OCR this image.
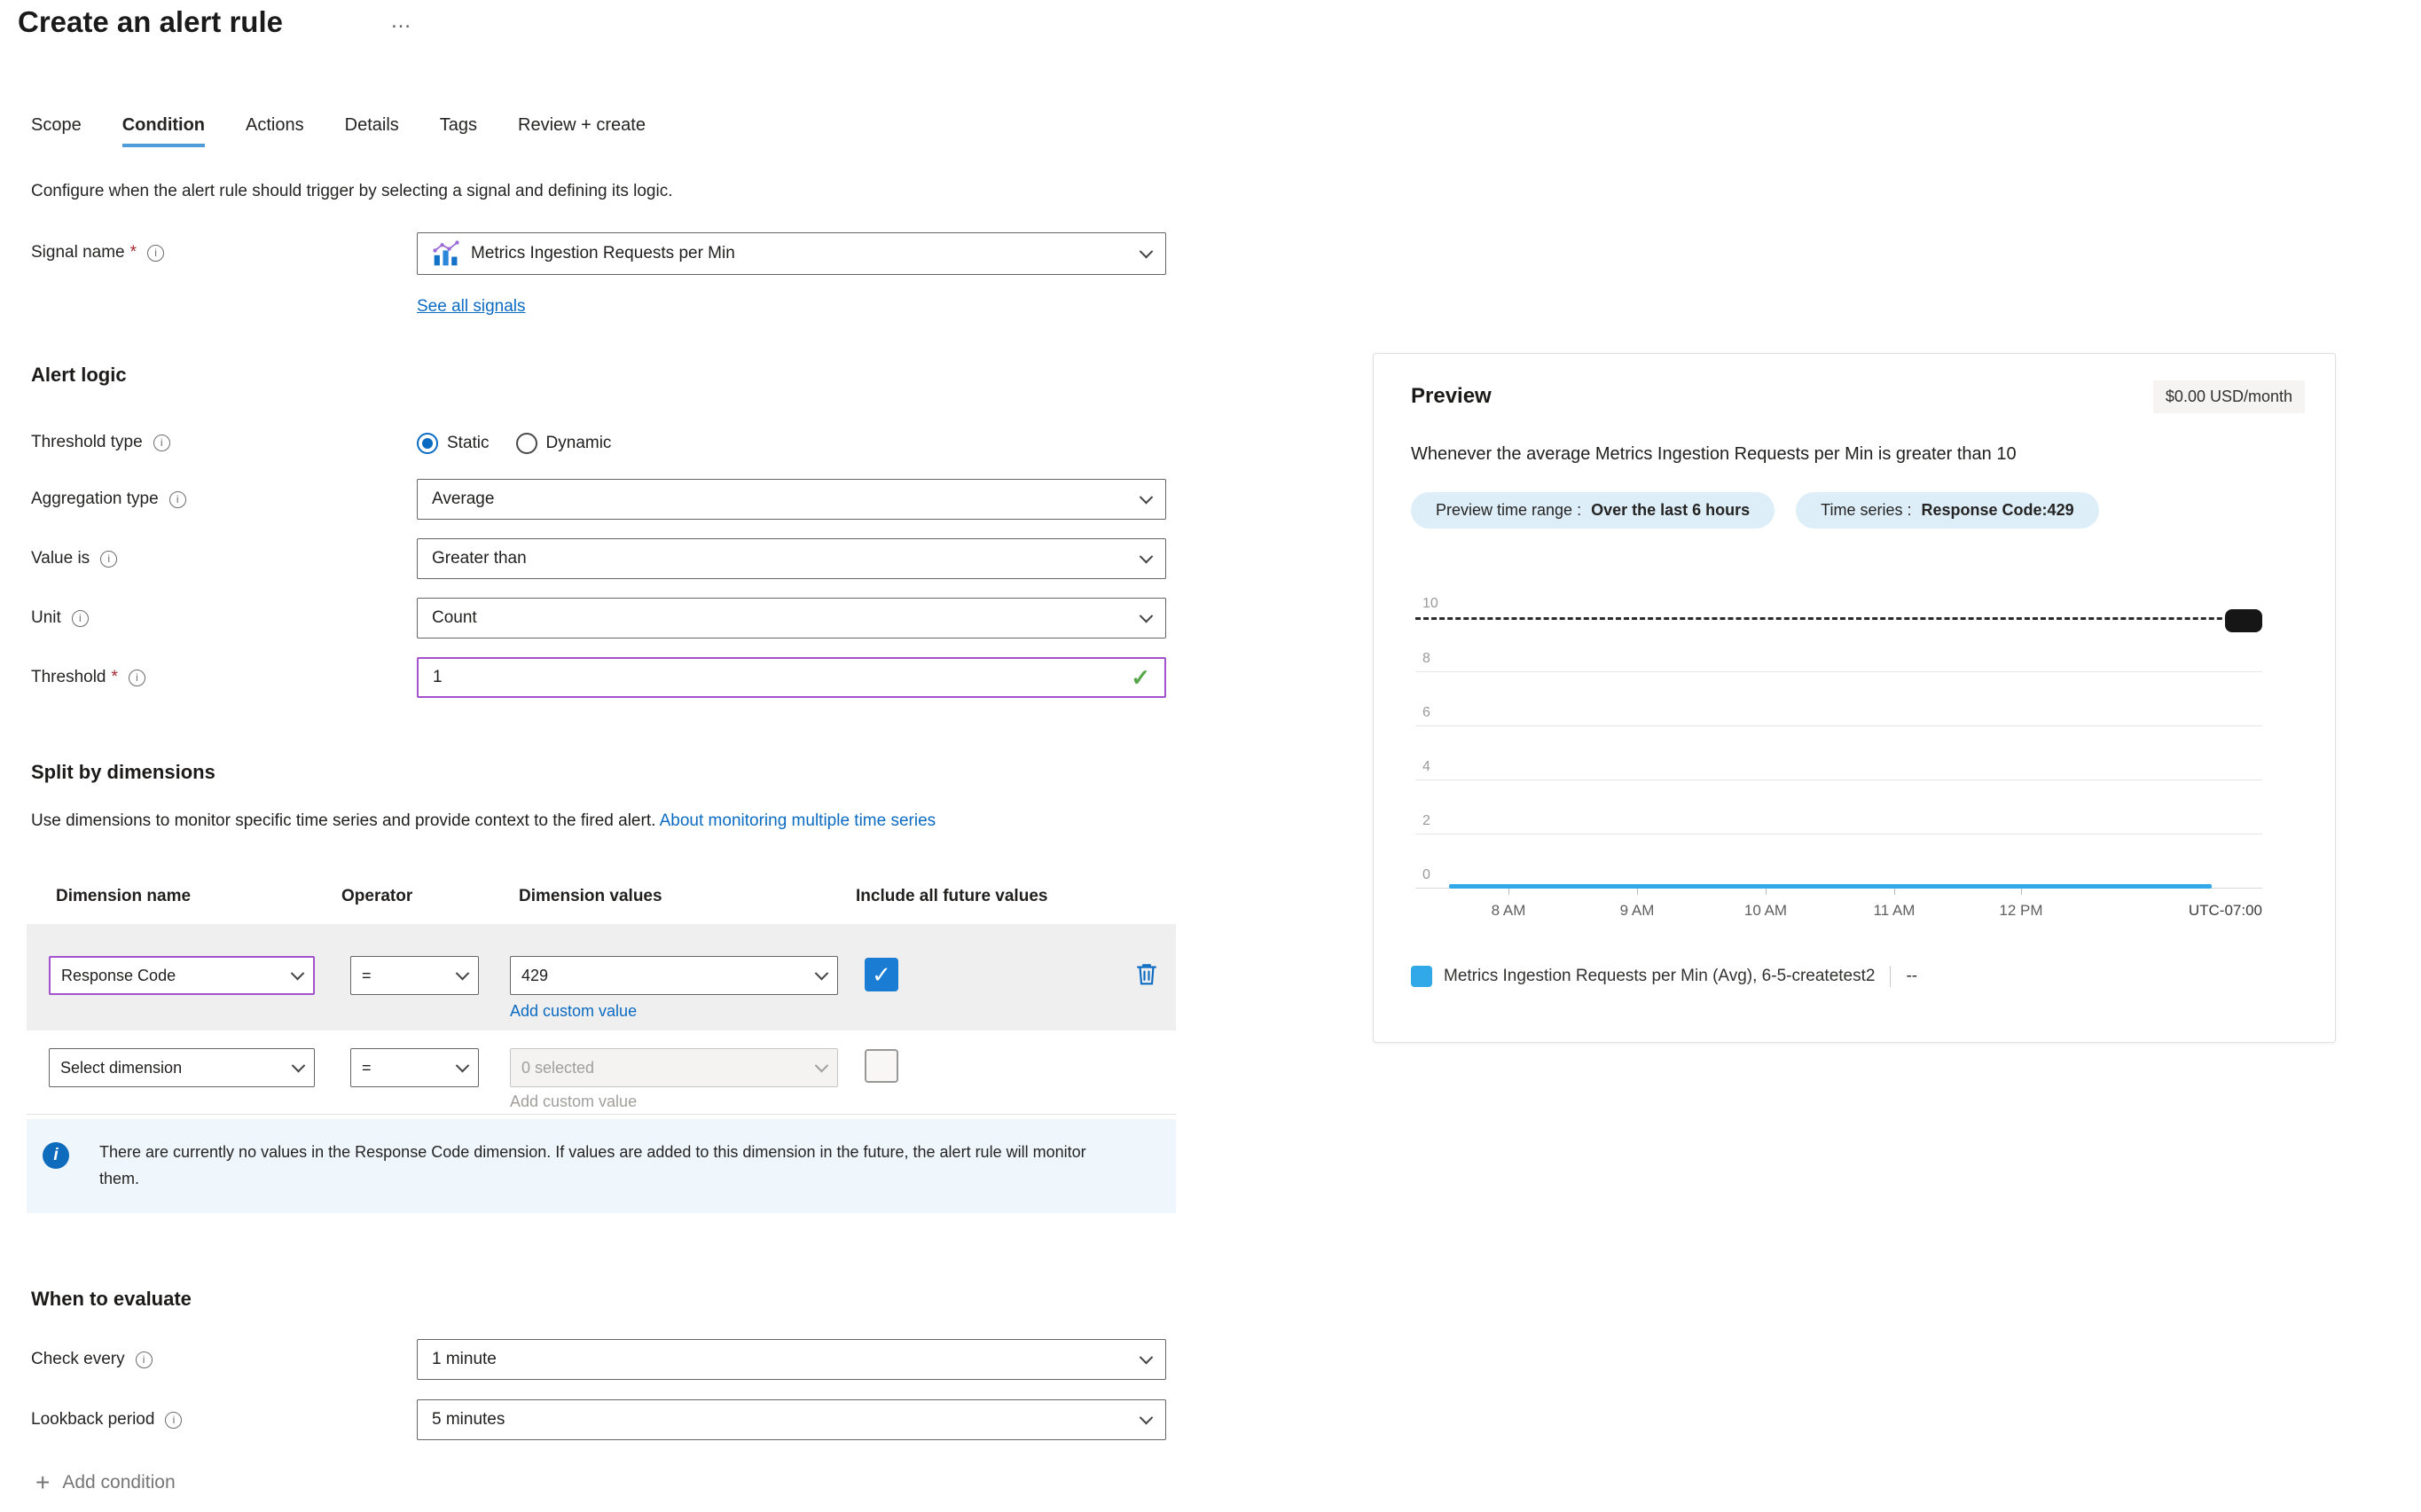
Create an alert rule	…
Scope Condition Actions Details Tags Review + create

Configure when the alert rule should trigger by selecting a signal and defining its logic.

Signal name *	i	Metrics Ingestion Requests per Min
See all signals
Alert logic
Threshold type	i	Static	Dynamic
Aggregation type	i	Average
Value is	i	Greater than
Unit	i	Count
Threshold *	i	1	✓
Split by dimensions

Use dimensions to monitor specific time series and provide context to the fired alert. About monitoring multiple time series

Dimension name	Operator	Dimension values	Include all future values
Response Code	=	429
Add custom value
✓
Select dimension	=	0 selected
Add custom value
i	There are currently no values in the Response Code dimension. If values are added to this dimension in the future, the alert rule will monitor them.
When to evaluate
Check every	i	1 minute
Lookback period	i	5 minutes
+ Add condition
Preview	$0.00 USD/month
Whenever the average Metrics Ingestion Requests per Min is greater than 10
Preview time range : Over the last 6 hours	Time series : Response Code:429
10
8
6
4
2
0
8 AM	9 AM	10 AM	11 AM	12 PM	UTC-07:00
Metrics Ingestion Requests per Min (Avg), 6-5-createtest2 --
